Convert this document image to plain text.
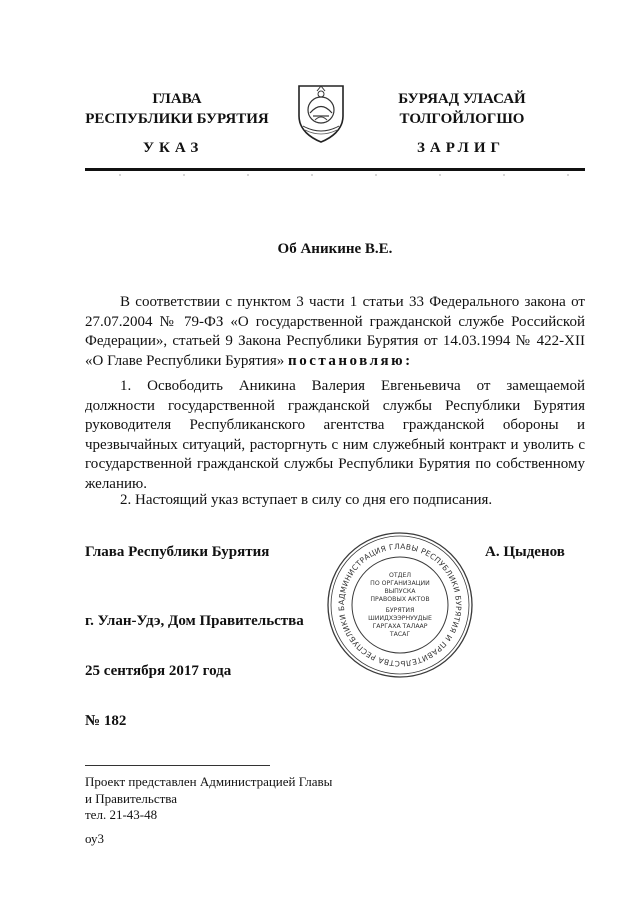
ГЛАВА
РЕСПУБЛИКИ БУРЯТИЯ
БУРЯАД УЛАСАЙ
ТОЛГОЙЛОГШО
УКАЗ	ЗАРЛИГ
Об Аникине В.Е.
В соответствии с пунктом 3 части 1 статьи 33 Федерального закона от 27.07.2004 № 79-ФЗ «О государственной гражданской службе Российской Федерации», статьей 9 Закона Республики Бурятия от 14.03.1994 № 422-XII «О Главе Республики Бурятия» постановляю:
1. Освободить Аникина Валерия Евгеньевича от замещаемой должности государственной гражданской службы Республики Бурятия руководителя Республиканского агентства гражданской обороны и чрезвычайных ситуаций, расторгнуть с ним служебный контракт и уволить с государственной гражданской службы Республики Бурятия по собственному желанию.
2. Настоящий указ вступает в силу со дня его подписания.
Глава Республики Бурятия	А. Цыденов
АДМИНИСТРАЦИЯ ГЛАВЫ РЕСПУБЛИКИ БУРЯТИЯ И ПРАВИТЕЛЬСТВА РЕСПУБЛИКИ Б
ОТДЕЛ
ПО ОРГАНИЗАЦИИ
ВЫПУСКА
ПРАВОВЫХ АКТОВ
БУРЯТИЯ
ШИИДХЭЭРНУУДЫЕ
ГАРГАХА ТАЛААР
ТАСАГ
г. Улан-Удэ, Дом Правительства
25 сентября 2017 года
№ 182
Проект представлен Администрацией Главы
и Правительства
тел. 21-43-48
оу3
